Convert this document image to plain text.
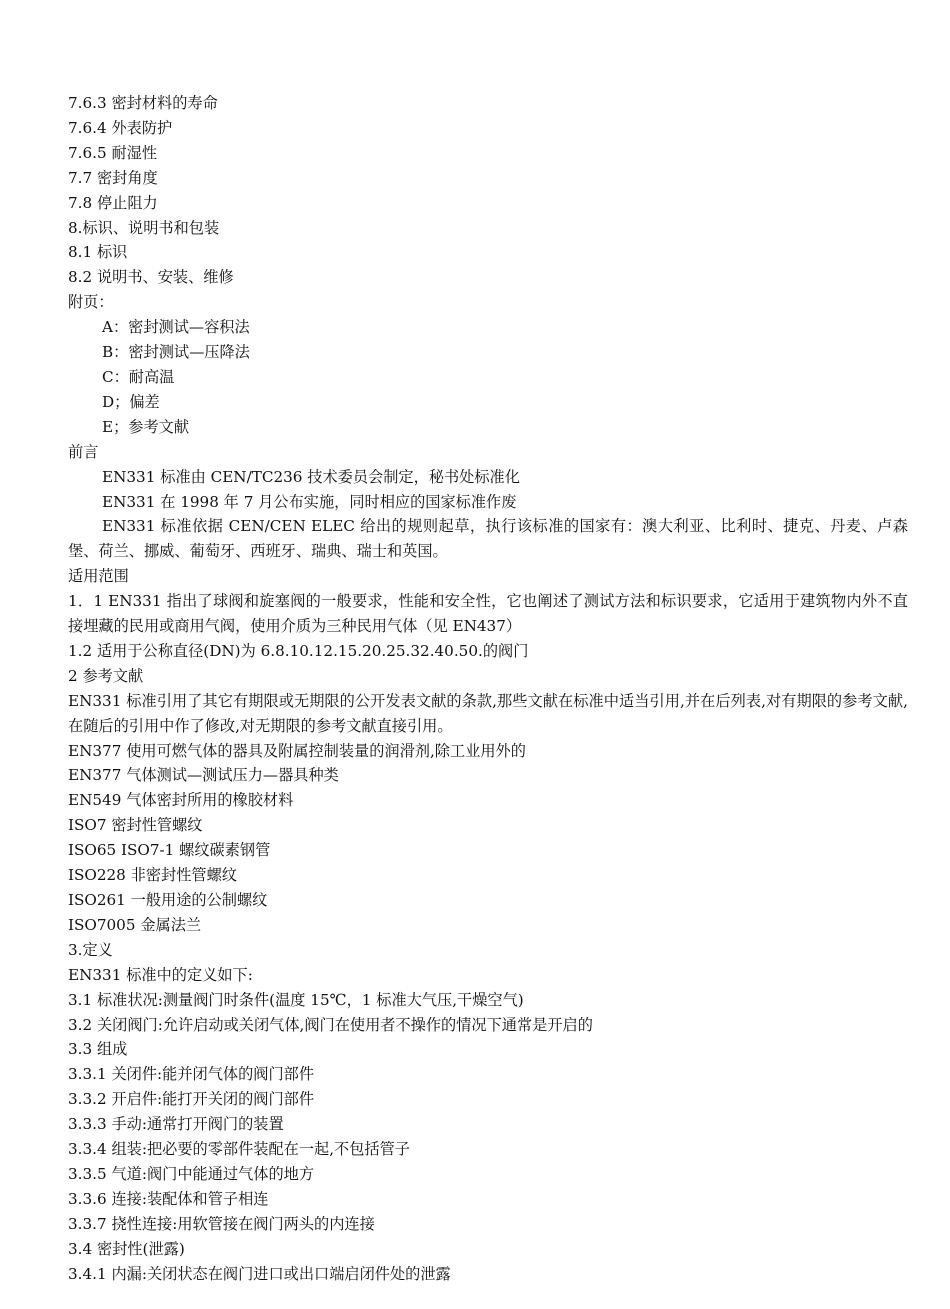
7.6.3 密封材料的寿命
7.6.4 外表防护
7.6.5 耐湿性
7.7 密封角度
7.8 停止阻力
8.标识、说明书和包装
8.1 标识
8.2 说明书、安装、维修
附页：
A：密封测试—容积法
B：密封测试—压降法
C：耐高温
D；偏差
E；参考文献
前言
EN331 标准由 CEN/TC236 技术委员会制定，秘书处标准化
EN331 在 1998 年 7 月公布实施，同时相应的国家标准作废
EN331 标准依据 CEN/CEN ELEC 给出的规则起草，执行该标准的国家有：澳大利亚、比利时、捷克、丹麦、卢森堡、荷兰、挪威、葡萄牙、西班牙、瑞典、瑞士和英国。
适用范围
1．1 EN331 指出了球阀和旋塞阀的一般要求，性能和安全性，它也阐述了测试方法和标识要求，它适用于建筑物内外不直接埋藏的民用或商用气阀，使用介质为三种民用气体（见 EN437）
1.2 适用于公称直径(DN)为 6.8.10.12.15.20.25.32.40.50.的阀门
2 参考文献
EN331 标准引用了其它有期限或无期限的公开发表文献的条款,那些文献在标准中适当引用,并在后列表,对有期限的参考文献,在随后的引用中作了修改,对无期限的参考文献直接引用。
EN377 使用可燃气体的器具及附属控制装量的润滑剂,除工业用外的
EN377 气体测试—测试压力—器具种类
EN549 气体密封所用的橡胶材料
ISO7 密封性管螺纹
ISO65 ISO7-1 螺纹碳素钢管
ISO228 非密封性管螺纹
ISO261 一般用途的公制螺纹
ISO7005 金属法兰
3.定义
EN331 标准中的定义如下:
3.1 标准状况:测量阀门时条件(温度 15℃，1 标准大气压,干燥空气)
3.2 关闭阀门:允许启动或关闭气体,阀门在使用者不操作的情况下通常是开启的
3.3 组成
3.3.1 关闭件:能并闭气体的阀门部件
3.3.2 开启件:能打开关闭的阀门部件
3.3.3 手动:通常打开阀门的装置
3.3.4 组装:把必要的零部件装配在一起,不包括管子
3.3.5 气道:阀门中能通过气体的地方
3.3.6 连接:装配体和管子相连
3.3.7 挠性连接:用软管接在阀门两头的内连接
3.4 密封性(泄露)
3.4.1 内漏:关闭状态在阀门进口或出口端启闭件处的泄露
